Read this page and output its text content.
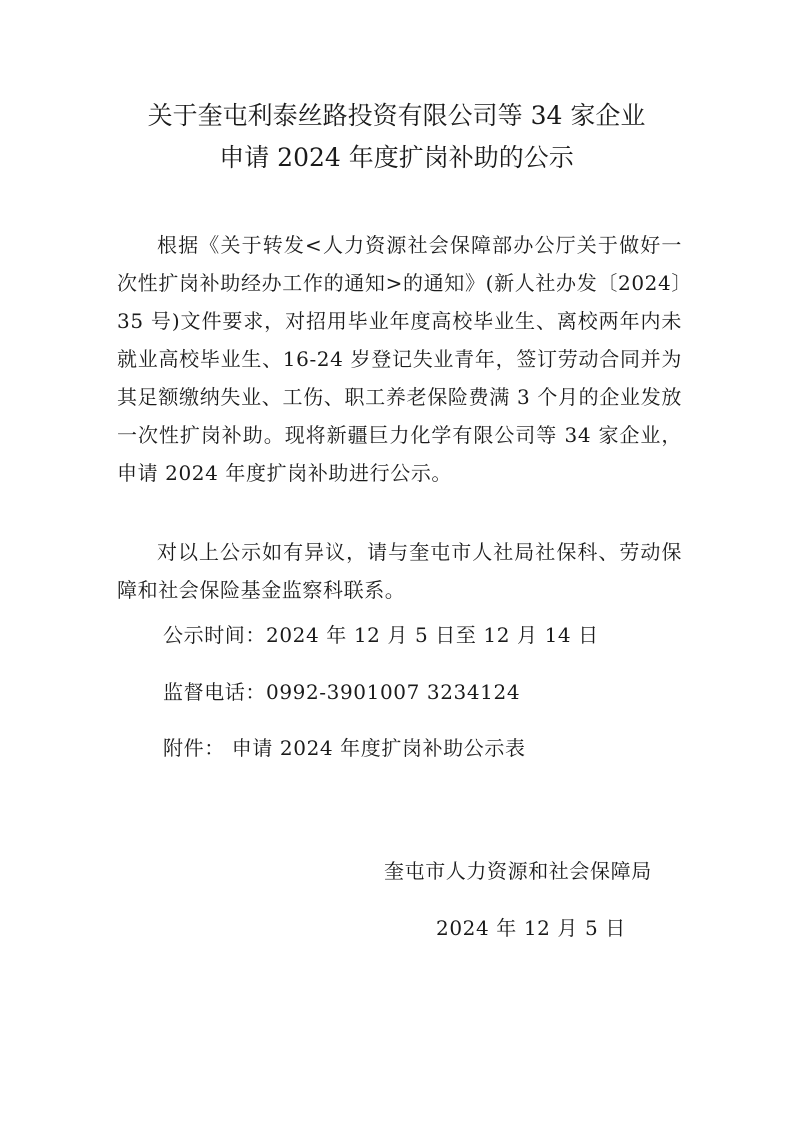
关于奎屯利泰丝路投资有限公司等 34 家企业
申请 2024 年度扩岗补助的公示
根据《关于转发<人力资源社会保障部办公厅关于做好一次性扩岗补助经办工作的通知>的通知》(新人社办发〔2024〕35 号)文件要求，对招用毕业年度高校毕业生、离校两年内未就业高校毕业生、16-24 岁登记失业青年，签订劳动合同并为其足额缴纳失业、工伤、职工养老保险费满 3 个月的企业发放一次性扩岗补助。现将新疆巨力化学有限公司等 34 家企业，申请 2024 年度扩岗补助进行公示。
对以上公示如有异议，请与奎屯市人社局社保科、劳动保障和社会保险基金监察科联系。
公示时间：2024 年 12 月 5 日至 12 月 14 日
监督电话：0992-3901007 3234124
附件： 申请 2024 年度扩岗补助公示表
奎屯市人力资源和社会保障局
2024 年 12 月 5 日
